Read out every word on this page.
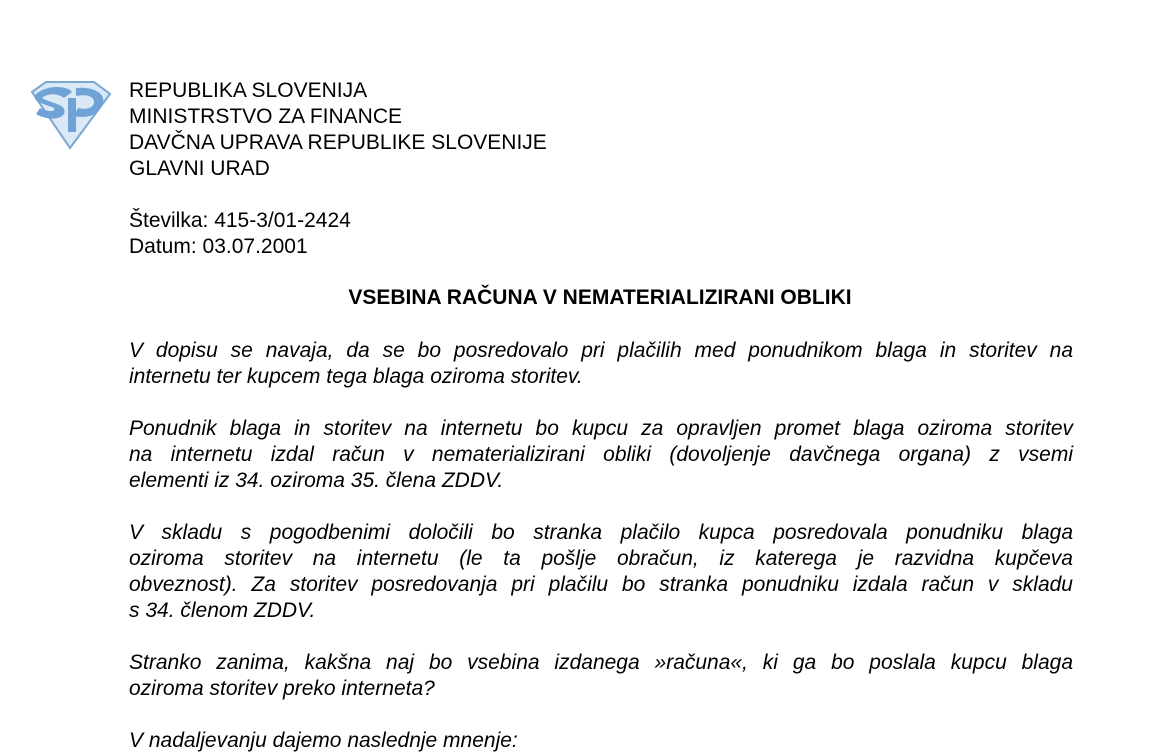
REPUBLIKA SLOVENIJA
MINISTRSTVO ZA FINANCE
DAVČNA UPRAVA REPUBLIKE SLOVENIJE
GLAVNI URAD
Številka: 415-3/01-2424
Datum: 03.07.2001
VSEBINA RAČUNA V NEMATERIALIZIRANI OBLIKI
V dopisu se navaja, da se bo posredovalo pri plačilih med ponudnikom blaga in storitev na
internetu ter kupcem tega blaga oziroma storitev.
Ponudnik blaga in storitev na internetu bo kupcu za opravljen promet blaga oziroma storitev
na internetu izdal račun v nematerializirani obliki (dovoljenje davčnega organa) z vsemi
elementi iz 34. oziroma 35. člena ZDDV.
V skladu s pogodbenimi določili bo stranka plačilo kupca posredovala ponudniku blaga
oziroma storitev na internetu (le ta pošlje obračun, iz katerega je razvidna kupčeva
obveznost). Za storitev posredovanja pri plačilu bo stranka ponudniku izdala račun v skladu
s 34. členom ZDDV.
Stranko zanima, kakšna naj bo vsebina izdanega »računa«, ki ga bo poslala kupcu blaga
oziroma storitev preko interneta?
V nadaljevanju dajemo naslednje mnenje:
